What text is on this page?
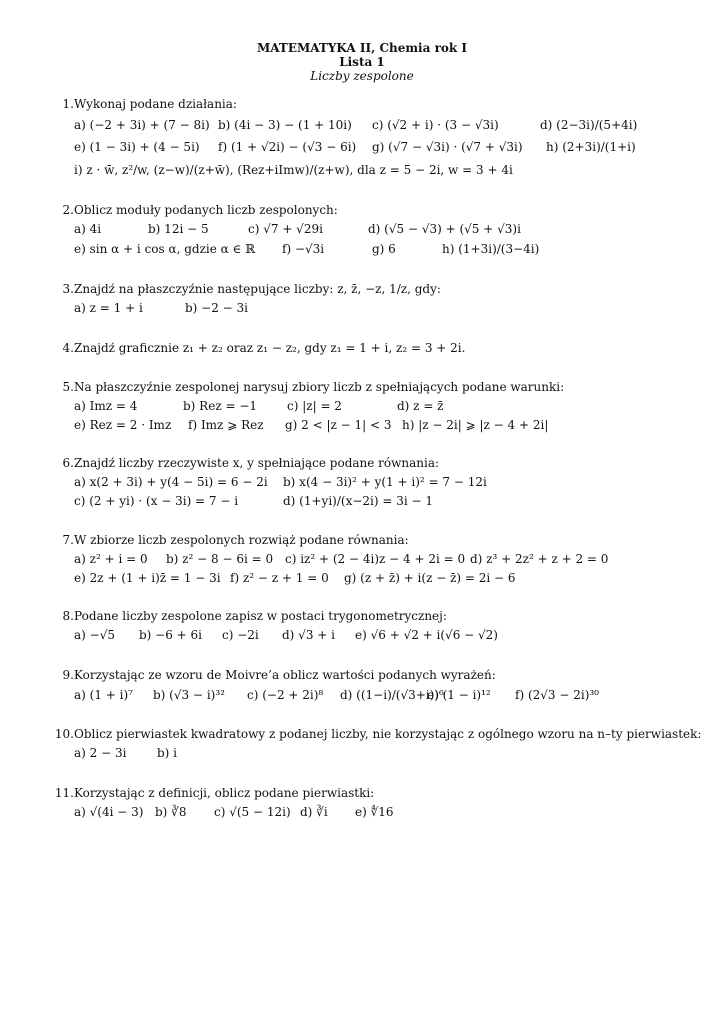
MATEMATYKA II, Chemia rok I
Lista 1
Liczby zespolone
1. Wykonaj podane działania:
a) (−2 + 3i) + (7 − 8i) b) (4i − 3) − (1 + 10i) c) (√2 + i) · (3 − √3i)	d) (2−3i)/(5+4i)
e) (1 − 3i) + (4 − 5i) f) (1 + √2i) − (√3 − 6i) g) (√7 − √3i) · (√7 + √3i) h) (2+3i)/(1+i)
i) z · w̄, z²/w, (z−w)/(z+w̄), (Rez+iImw)/(z+w), dla z = 5 − 2i, w = 3 + 4i
2. Oblicz moduły podanych liczb zespolonych:
a) 4i	b) 12i − 5	c) √7 + √29i	d) (√5 − √3) + (√5 + √3)i
e) sin α + i cos α, gdzie α ∈ ℝ f) −√3i	g) 6	h) (1+3i)/(3−4i)
3. Znajdź na płaszczyźnie następujące liczby: z, z̄, −z, 1/z, gdy:
a) z = 1 + i	b) −2 − 3i
4. Znajdź graficznie z₁ + z₂ oraz z₁ − z₂, gdy z₁ = 1 + i, z₂ = 3 + 2i.
5. Na płaszczyźnie zespolonej narysuj zbiory liczb z spełniających podane warunki:
a) Imz = 4	b) Rez = −1 c) |z| = 2	d) z = z̄
e) Rez = 2 · Imz f) Imz ⩾ Rez g) 2 < |z − 1| < 3 h) |z − 2i| ⩾ |z − 4 + 2i|
6. Znajdź liczby rzeczywiste x, y spełniające podane równania:
a) x(2 + 3i) + y(4 − 5i) = 6 − 2i b) x(4 − 3i)² + y(1 + i)² = 7 − 12i
c) (2 + yi) · (x − 3i) = 7 − i	d) (1+yi)/(x−2i) = 3i − 1
7. W zbiorze liczb zespolonych rozwiąż podane równania:
a) z² + i = 0 b) z² − 8 − 6i = 0 c) iz² + (2 − 4i)z − 4 + 2i = 0 d) z³ + 2z² + z + 2 = 0
e) 2z + (1 + i)z̄ = 1 − 3i f) z² − z + 1 = 0 g) (z + z̄) + i(z − z̄) = 2i − 6
8. Podane liczby zespolone zapisz w postaci trygonometrycznej:
a) −√5 b) −6 + 6i c) −2i d) √3 + i e) √6 + √2 + i(√6 − √2)
9. Korzystając ze wzoru de Moivre’a oblicz wartości podanych wyrażeń:
a) (1 + i)⁷ b) (√3 − i)³² c) (−2 + 2i)⁸ d) ((1−i)/(√3+i))⁶
e) (1 − i)¹² f) (2√3 − 2i)³⁰
10. Oblicz pierwiastek kwadratowy z podanej liczby, nie korzystając z ogólnego wzoru na n–ty pierwiastek:
a) 2 − 3i	b) i
11. Korzystając z definicji, oblicz podane pierwiastki:
a) √(4i − 3) b) ∛8 c) √(5 − 12i) d) ∛i e) ∜16
